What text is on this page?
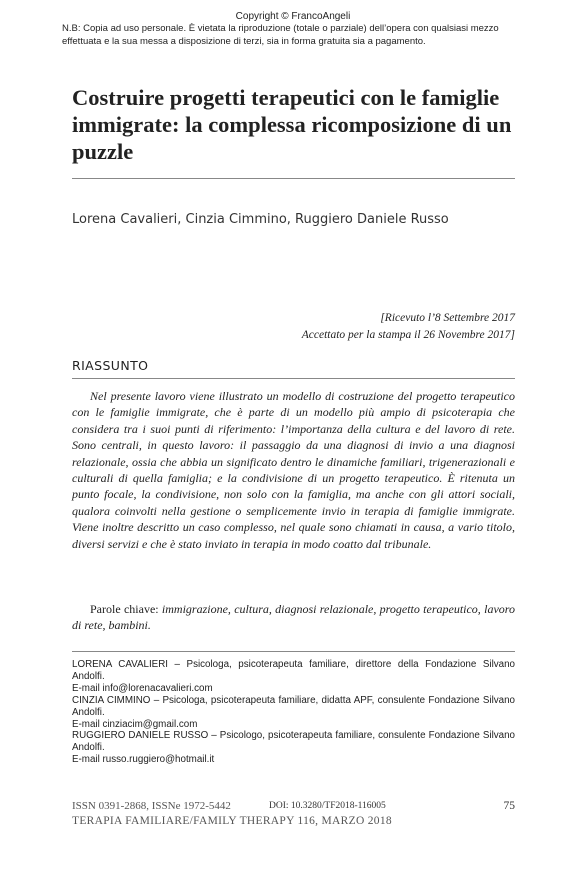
Copyright © FrancoAngeli
N.B: Copia ad uso personale. È vietata la riproduzione (totale o parziale) dell’opera con qualsiasi mezzo effettuata e la sua messa a disposizione di terzi, sia in forma gratuita sia a pagamento.
Costruire progetti terapeutici con le famiglie immigrate: la complessa ricomposizione di un puzzle
Lorena Cavalieri, Cinzia Cimmino, Ruggiero Daniele Russo
[Ricevuto l’8 Settembre 2017
Accettato per la stampa il 26 Novembre 2017]
RIASSUNTO

Nel presente lavoro viene illustrato un modello di costruzione del progetto terapeutico con le famiglie immigrate, che è parte di un modello più ampio di psicoterapia che considera tra i suoi punti di riferimento: l’importanza della cultura e del lavoro di rete. Sono centrali, in questo lavoro: il passaggio da una diagnosi di invio a una diagnosi relazionale, ossia che abbia un significato dentro le dinamiche familiari, trigenerazionali e culturali di quella famiglia; e la condivisione di un progetto terapeutico. È ritenuta un punto focale, la condivisione, non solo con la famiglia, ma anche con gli attori sociali, qualora coinvolti nella gestione o semplicemente invio in terapia di famiglie immigrate. Viene inoltre descritto un caso complesso, nel quale sono chiamati in causa, a vario titolo, diversi servizi e che è stato inviato in terapia in modo coatto dal tribunale.

Parole chiave: immigrazione, cultura, diagnosi relazionale, progetto terapeutico, lavoro di rete, bambini.

LORENA CAVALIERI – Psicologa, psicoterapeuta familiare, direttore della Fondazione Silvano Andolfi.
E-mail info@lorenacavalieri.com
CINZIA CIMMINO – Psicologa, psicoterapeuta familiare, didatta APF, consulente Fondazione Silvano Andolfi.
E-mail cinziacim@gmail.com
RUGGIERO DANIELE RUSSO – Psicologo, psicoterapeuta familiare, consulente Fondazione Silvano Andolfi.
E-mail russo.ruggiero@hotmail.it
ISSN 0391-2868, ISSNe 1972-5442	DOI: 10.3280/TF2018-116005	75
TERAPIA FAMILIARE/FAMILY THERAPY 116, MARZO 2018
